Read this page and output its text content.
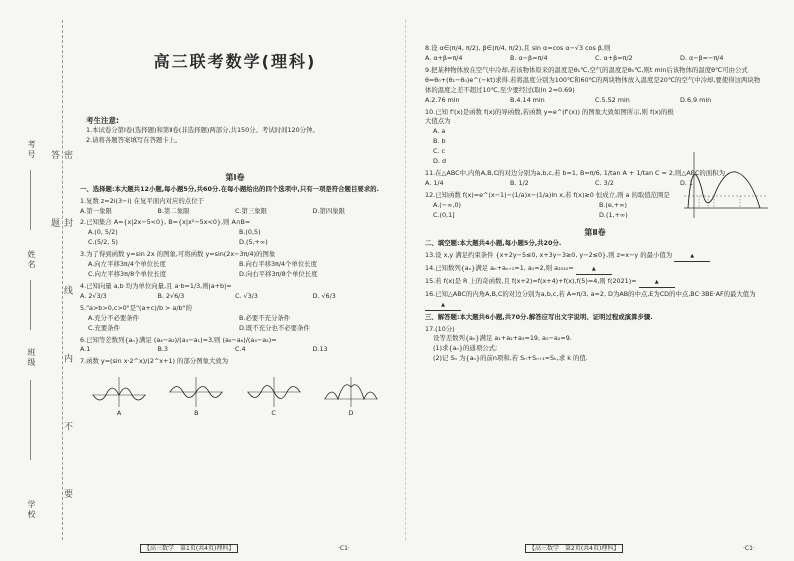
考号
姓名
班级
学校	密 封 线 内 不 要 答 题
高三联考数学(理科)
考生注意:
1.本试卷分第Ⅰ卷(选择题)和第Ⅱ卷(非选择题)两部分,共150分。考试时间120分钟。
2.请将各题答案填写在答题卡上。
第Ⅰ卷
一、选择题:本大题共12小题,每小题5分,共60分.在每小题给出的四个选项中,只有一项是符合题目要求的.
1.复数 z=2i(3−i) 在复平面内对应的点位于
A.第一象限	B.第二象限	C.第三象限	D.第四象限
2.已知集合 A={x|2x−5<0}, B={x|x²−5x<0},则 A∩B=
A.(0, 5/2)	B.(0,5)
C.(5/2, 5)	D.(5,+∞)
3.为了得到函数 y=sin 2x 的图象,可将函数 y=sin(2x−3π/4)的图象
A.向左平移3π/4个单位长度	B.向右平移3π/4个单位长度
C.向左平移3π/8个单位长度	D.向右平移3π/8个单位长度
4.已知向量 a,b 均为单位向量,且 a·b=1/3,则|a+b|=
A. 2√3/3	B. 2√6/3	C. √3/3	D. √6/3
5."a>b>0,c>0"是"(a+c)/b > a/b"的
A.充分不必要条件	B.必要不充分条件
C.充要条件	D.既不充分也不必要条件
6.已知等差数列{aₙ}满足 (a₄−a₂)/(a₃−a₁)=3,则 (a₈−a₆)/(a₄−a₂)=
A.1	B.3	C.4	D.13
7.函数 y=(sin x·2^x)/(2^x+1) 的部分图象大致为
A	B	C	D
【高三数学　第1页(共4页)理科】	·C1·
8.设 α∈(π/4, π/2), β∈(π/4, π/2),且 sin α=cos α−√3 cos β,则
A. α+β=π/4	B. α−β=π/4	C. α+β=π/2	D. α−β=−π/4
9.把某种物体放在空气中冷却,若该物体原来的温度是θ₁℃,空气的温度是θ₀℃,则t min后该物体的温度θ℃可由公式θ=θ₀+(θ₁−θ₀)e^(−kt)求得.若将温度分别为100℃和60℃的两块物体放入温度是20℃的空气中冷却,要使得这两块物体的温度之差不超过10℃,至少要经过(取ln 2≈0.69)
A.2.76 min	B.4.14 min	C.5.52 min	D.6.9 min
10.已知 f'(x)是函数 f(x)的导函数,若函数 y=e^(f'(x)) 的图象大致如图所示,则 f(x)的极大值点为
A. a
B. b
C. c
D. d
11.在△ABC中,内角A,B,C的对边分别为a,b,c,若 b=1, B=π/6, 1/tan A + 1/tan C = 2,则△ABC的面积为
A. 1/4	B. 1/2	C. 3/2	D. 1
12.已知函数 f(x)=e^(x−1)−(1/a)x−(1/a)ln x,若 f(x)≥0 恒成立,则 a 的取值范围是
A.(−∞,0)	B.(e,+∞)
C.(0,1]	D.(1,+∞)
第Ⅱ卷
二、填空题:本大题共4小题,每小题5分,共20分.
13.设 x,y 满足约束条件 {x+2y−5≤0, x+3y−3≥0, y−2≤0},则 z=x−y 的最小值为	▲
14.已知数列{aₙ}满足 aₙ+aₙ₊₁=1, a₁=2,则 a₂₀₂₀=	▲
15.若 f(x)是 R 上的奇函数,且 f(x+2)=f(x+4)+f(x),f(5)=4,则 f(2021)=	▲
16.已知△ABC的内角A,B,C的对边分别为a,b,c,若 A=π/3, a=2, D为AB的中点,E为CD的中点,BC·3BE·AF的最大值为 ▲
三、解答题:本大题共6小题,共70分.解答应写出文字说明、证明过程或演算步骤.
17.(10分)
设等差数列{aₙ}满足 a₁+a₂+a₃=19, a₅−a₂=9.
(1)求{aₙ}的通项公式;
(2)记 Sₙ 为{aₙ}的前n项和,若 Sₙ+Sₙ₊₁=Sₖ,求 k 的值.
【高三数学　第2页(共4页)理科】	·C1·
